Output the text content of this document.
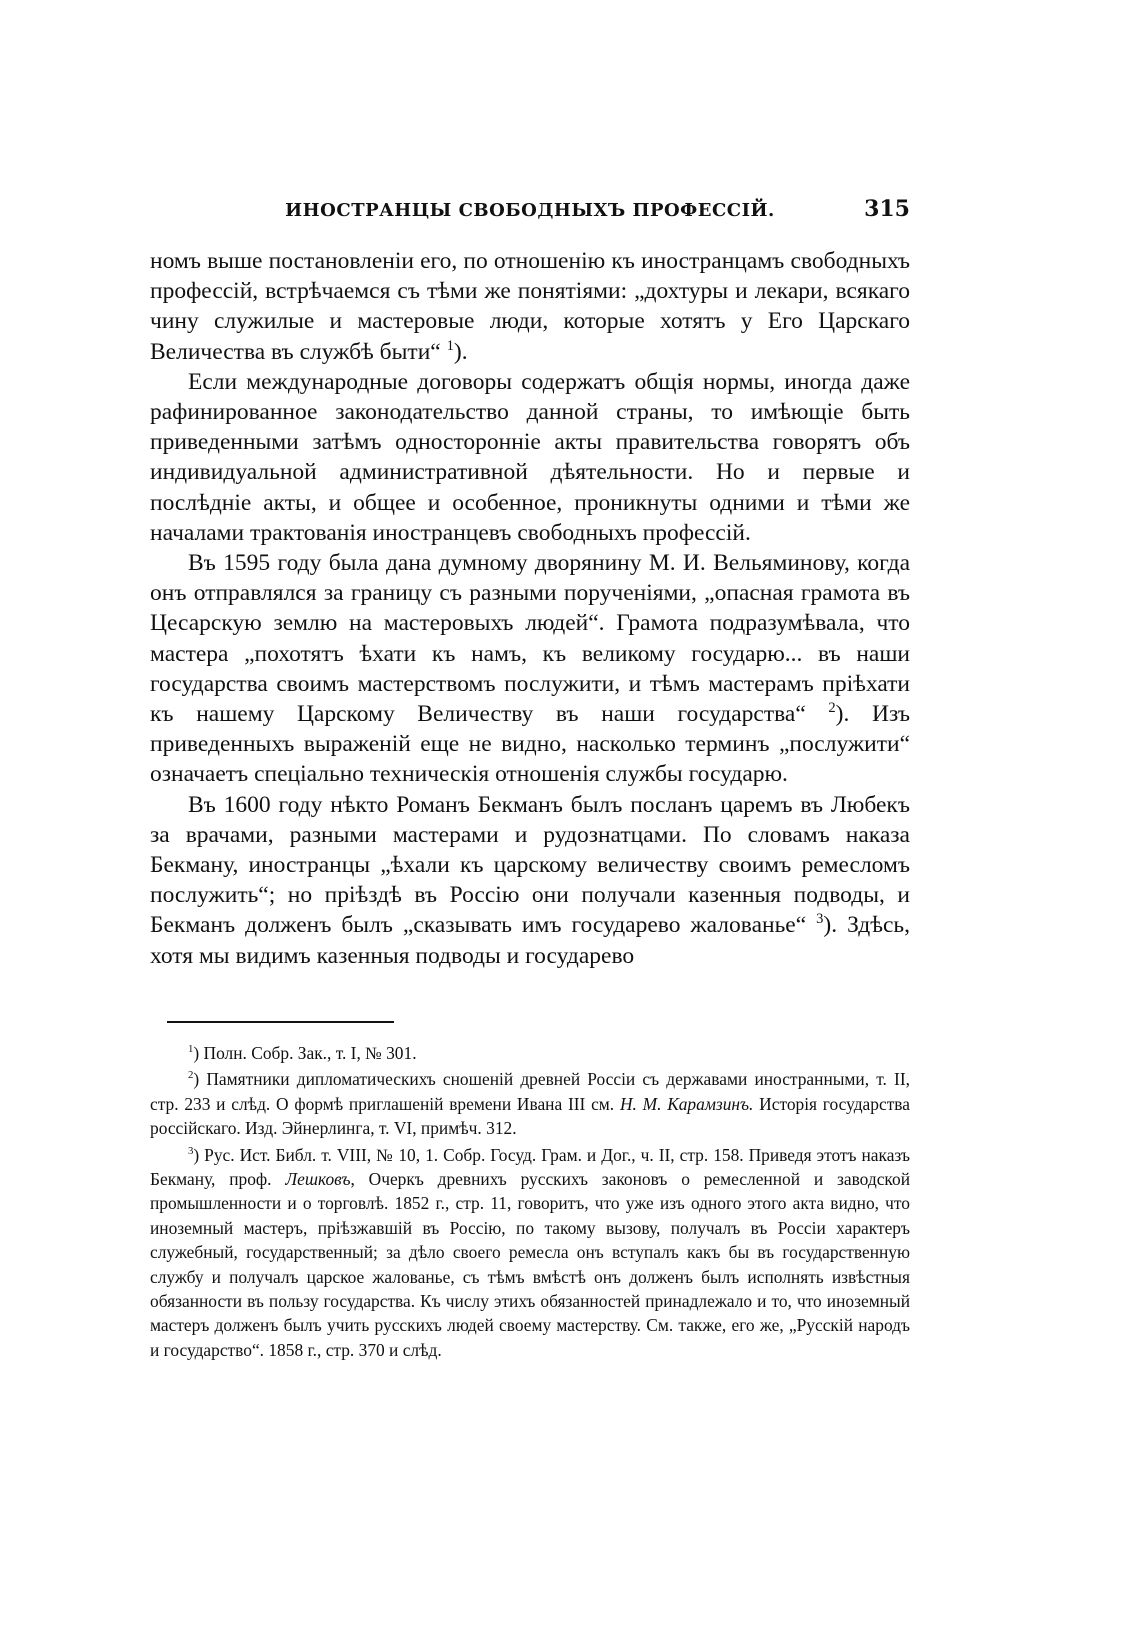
ИНОСТРАНЦЫ СВОБОДНЫХЪ ПРОФЕССІЙ.	315

номъ выше постановленіи его, по отношенію къ иностранцамъ свободныхъ профессій, встрѣчаемся съ тѣми же понятіями: „дохтуры и лекари, всякаго чину служилые и мастеровые люди, которые хотятъ у Его Царскаго Величества въ службѣ быти“ $^1$).

Если международные договоры содержатъ общія нормы, иногда даже рафинированное законодательство данной страны, то имѣющіе быть приведенными затѣмъ односторонніе акты правительства говорятъ объ индивидуальной административной дѣятельности. Но и первые и послѣдніе акты, и общее и особенное, проникнуты одними и тѣми же началами трактованія иностранцевъ свободныхъ профессій.

Въ 1595 году была дана думному дворянину М. И. Вельяминову, когда онъ отправлялся за границу съ разными порученіями, „опасная грамота въ Цесарскую землю на мастеровыхъ людей“. Грамота подразумѣвала, что мастера „похотятъ ѣхати къ намъ, къ великому государю... въ наши государства своимъ мастерствомъ послужити, и тѣмъ мастерамъ пріѣхати къ нашему Царскому Величеству въ наши государства“ $^2$). Изъ приведенныхъ выраженій еще не видно, насколько терминъ „послужити“ означаетъ спеціально техническія отношенія службы государю.

Въ 1600 году нѣкто Романъ Бекманъ былъ посланъ царемъ въ Любекъ за врачами, разными мастерами и рудознатцами. По словамъ наказа Бекману, иностранцы „ѣхали къ царскому величеству своимъ ремесломъ послужить“; но пріѣздѣ въ Россію они получали казенныя подводы, и Бекманъ долженъ былъ „сказывать имъ государево жалованье“ $^3$). Здѣсь, хотя мы видимъ казенныя подводы и государево

$^1$) Полн. Собр. Зак., т. I, № 301.

$^2$) Памятники дипломатическихъ сношеній древней Россіи съ державами иностранными, т. II, стр. 233 и слѣд. О формѣ приглашеній времени Ивана III см. Н. М. Карамзинъ. Исторія государства россійскаго. Изд. Эйнерлинга, т. VI, примѣч. 312.

$^3$) Рус. Ист. Библ. т. VIII, № 10, 1. Собр. Госуд. Грам. и Дог., ч. II, стр. 158. Приведя этотъ наказъ Бекману, проф. Лешковъ, Очеркъ древнихъ русскихъ законовъ о ремесленной и заводской промышленности и о торговлѣ. 1852 г., стр. 11, говоритъ, что уже изъ одного этого акта видно, что иноземный мастеръ, пріѣзжавшій въ Россію, по такому вызову, получалъ въ Россіи характеръ служебный, государственный; за дѣло своего ремесла онъ вступалъ какъ бы въ государственную службу и получалъ царское жалованье, съ тѣмъ вмѣстѣ онъ долженъ былъ исполнять извѣстныя обязанности въ пользу государства. Къ числу этихъ обязанностей принадлежало и то, что иноземный мастеръ долженъ былъ учить русскихъ людей своему мастерству. См. также, его же, „Русскій народъ и государство“. 1858 г., стр. 370 и слѣд.
